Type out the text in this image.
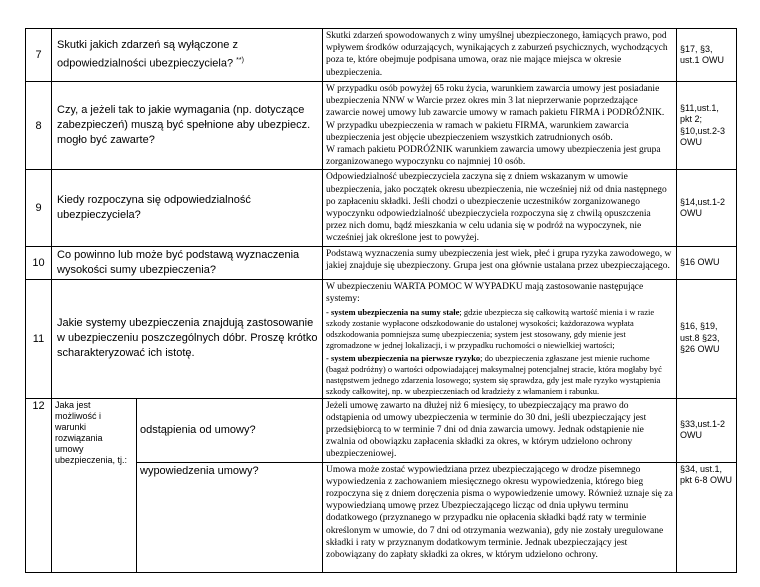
7	Skutki jakich zdarzeń są wyłączone z odpowiedzialności ubezpieczyciela? **)		Skutki zdarzeń spowodowanych z winy umyślnej ubezpieczonego, łamiących prawo, pod wpływem środków odurzających, wynikających z zaburzeń psychicznych, wychodzących poza te, które obejmuje podpisana umowa, oraz nie mające miejsca w okresie ubezpieczenia.	§17, §3, ust.1 OWU
8	Czy, a jeżeli tak to jakie wymagania (np. dotyczące zabezpieczeń) muszą być spełnione aby ubezpiecz. mogło być zawarte?		W przypadku osób powyżej 65 roku życia, warunkiem zawarcia umowy jest posiadanie ubezpieczenia NNW w Warcie przez okres min 3 lat nieprzerwanie poprzedzające zawarcie nowej umowy lub zawarcie umowy w ramach pakietu FIRMA i PODRÓŻNIK.

W przypadku ubezpieczenia w ramach w pakietu FIRMA, warunkiem zawarcia ubezpieczenia jest objęcie ubezpieczeniem wszystkich zatrudnionych osób.

W ramach pakietu PODRÓŻNIK warunkiem zawarcia umowy ubezpieczenia jest grupa zorganizowanego wypoczynku co najmniej 10 osób.	§11,ust.1, pkt 2; §10,ust.2-3 OWU
9	Kiedy rozpoczyna się odpowiedzialność ubezpieczyciela?		Odpowiedzialność ubezpieczyciela zaczyna się z dniem wskazanym w umowie ubezpieczenia, jako początek okresu ubezpieczenia, nie wcześniej niż od dnia następnego po zapłaceniu składki. Jeśli chodzi o ubezpieczenie uczestników zorganizowanego wypoczynku odpowiedzialność ubezpieczyciela rozpoczyna się z chwilą opuszczenia przez nich domu, bądź mieszkania w celu udania się w podróż na wypoczynek, nie wcześniej jak określone jest to powyżej.	§14,ust.1-2 OWU
10	Co powinno lub może być podstawą wyznaczenia wysokości sumy ubezpieczenia?		Podstawą wyznaczenia sumy ubezpieczenia jest wiek, płeć i grupa ryzyka zawodowego, w jakiej znajduje się ubezpieczony. Grupa jest ona głównie ustalana przez ubezpieczającego.	§16 OWU
11	Jakie systemy ubezpieczenia znajdują zastosowanie w ubezpieczeniu poszczególnych dóbr. Proszę krótko scharakteryzować ich istotę.		W ubezpieczeniu WARTA POMOC W WYPADKU mają zastosowanie następujące systemy:

- system ubezpieczenia na sumy stałe; gdzie ubezpiecza się całkowitą wartość mienia i w razie szkody zostanie wypłacone odszkodowanie do ustalonej wysokości; każdorazowa wypłata odszkodowania pomniejsza sumę ubezpieczenia; system jest stosowany, gdy mienie jest zgromadzone w jednej lokalizacji, i w przypadku ruchomości o niewielkiej wartości;

- system ubezpieczenia na pierwsze ryzyko; do ubezpieczenia zgłaszane jest mienie ruchome (bagaż podróżny) o wartości odpowiadającej maksymalnej potencjalnej stracie, która mogłaby być następstwem jednego zdarzenia losowego; system się sprawdza, gdy jest małe ryzyko wystąpienia szkody całkowitej, np. w ubezpieczeniach od kradzieży z włamaniem i rabunku.	§16, §19, ust.8 §23, §26 OWU
12	Jaka jest możliwość i warunki rozwiązania umowy ubezpieczenia, tj.:	odstąpienia od umowy?	Jeżeli umowę zawarto na dłużej niż 6 miesięcy, to ubezpieczający ma prawo do odstąpienia od umowy ubezpieczenia w terminie do 30 dni, jeśli ubezpieczający jest przedsiębiorcą to w terminie 7 dni od dnia zawarcia umowy. Jednak odstąpienie nie zwalnia od obowiązku zapłacenia składki za okres, w którym udzielono ochrony ubezpieczeniowej.	§33,ust.1-2 OWU
		wypowiedzenia umowy?	Umowa może zostać wypowiedziana przez ubezpieczającego w drodze pisemnego wypowiedzenia z zachowaniem miesięcznego okresu wypowiedzenia, którego bieg rozpoczyna się z dniem doręczenia pisma o wypowiedzenie umowy. Również uznaje się za wypowiedzianą umowę przez Ubezpieczającego licząc od dnia upływu terminu dodatkowego (przyznanego w przypadku nie opłacenia składki bądź raty w terminie określonym w umowie, do 7 dni od otrzymania wezwania), gdy nie zostały uregulowane składki i raty w przyznanym dodatkowym terminie. Jednak ubezpieczający jest zobowiązany do zapłaty składki za okres, w którym udzielono ochrony.	§34, ust.1, pkt 6-8 OWU
